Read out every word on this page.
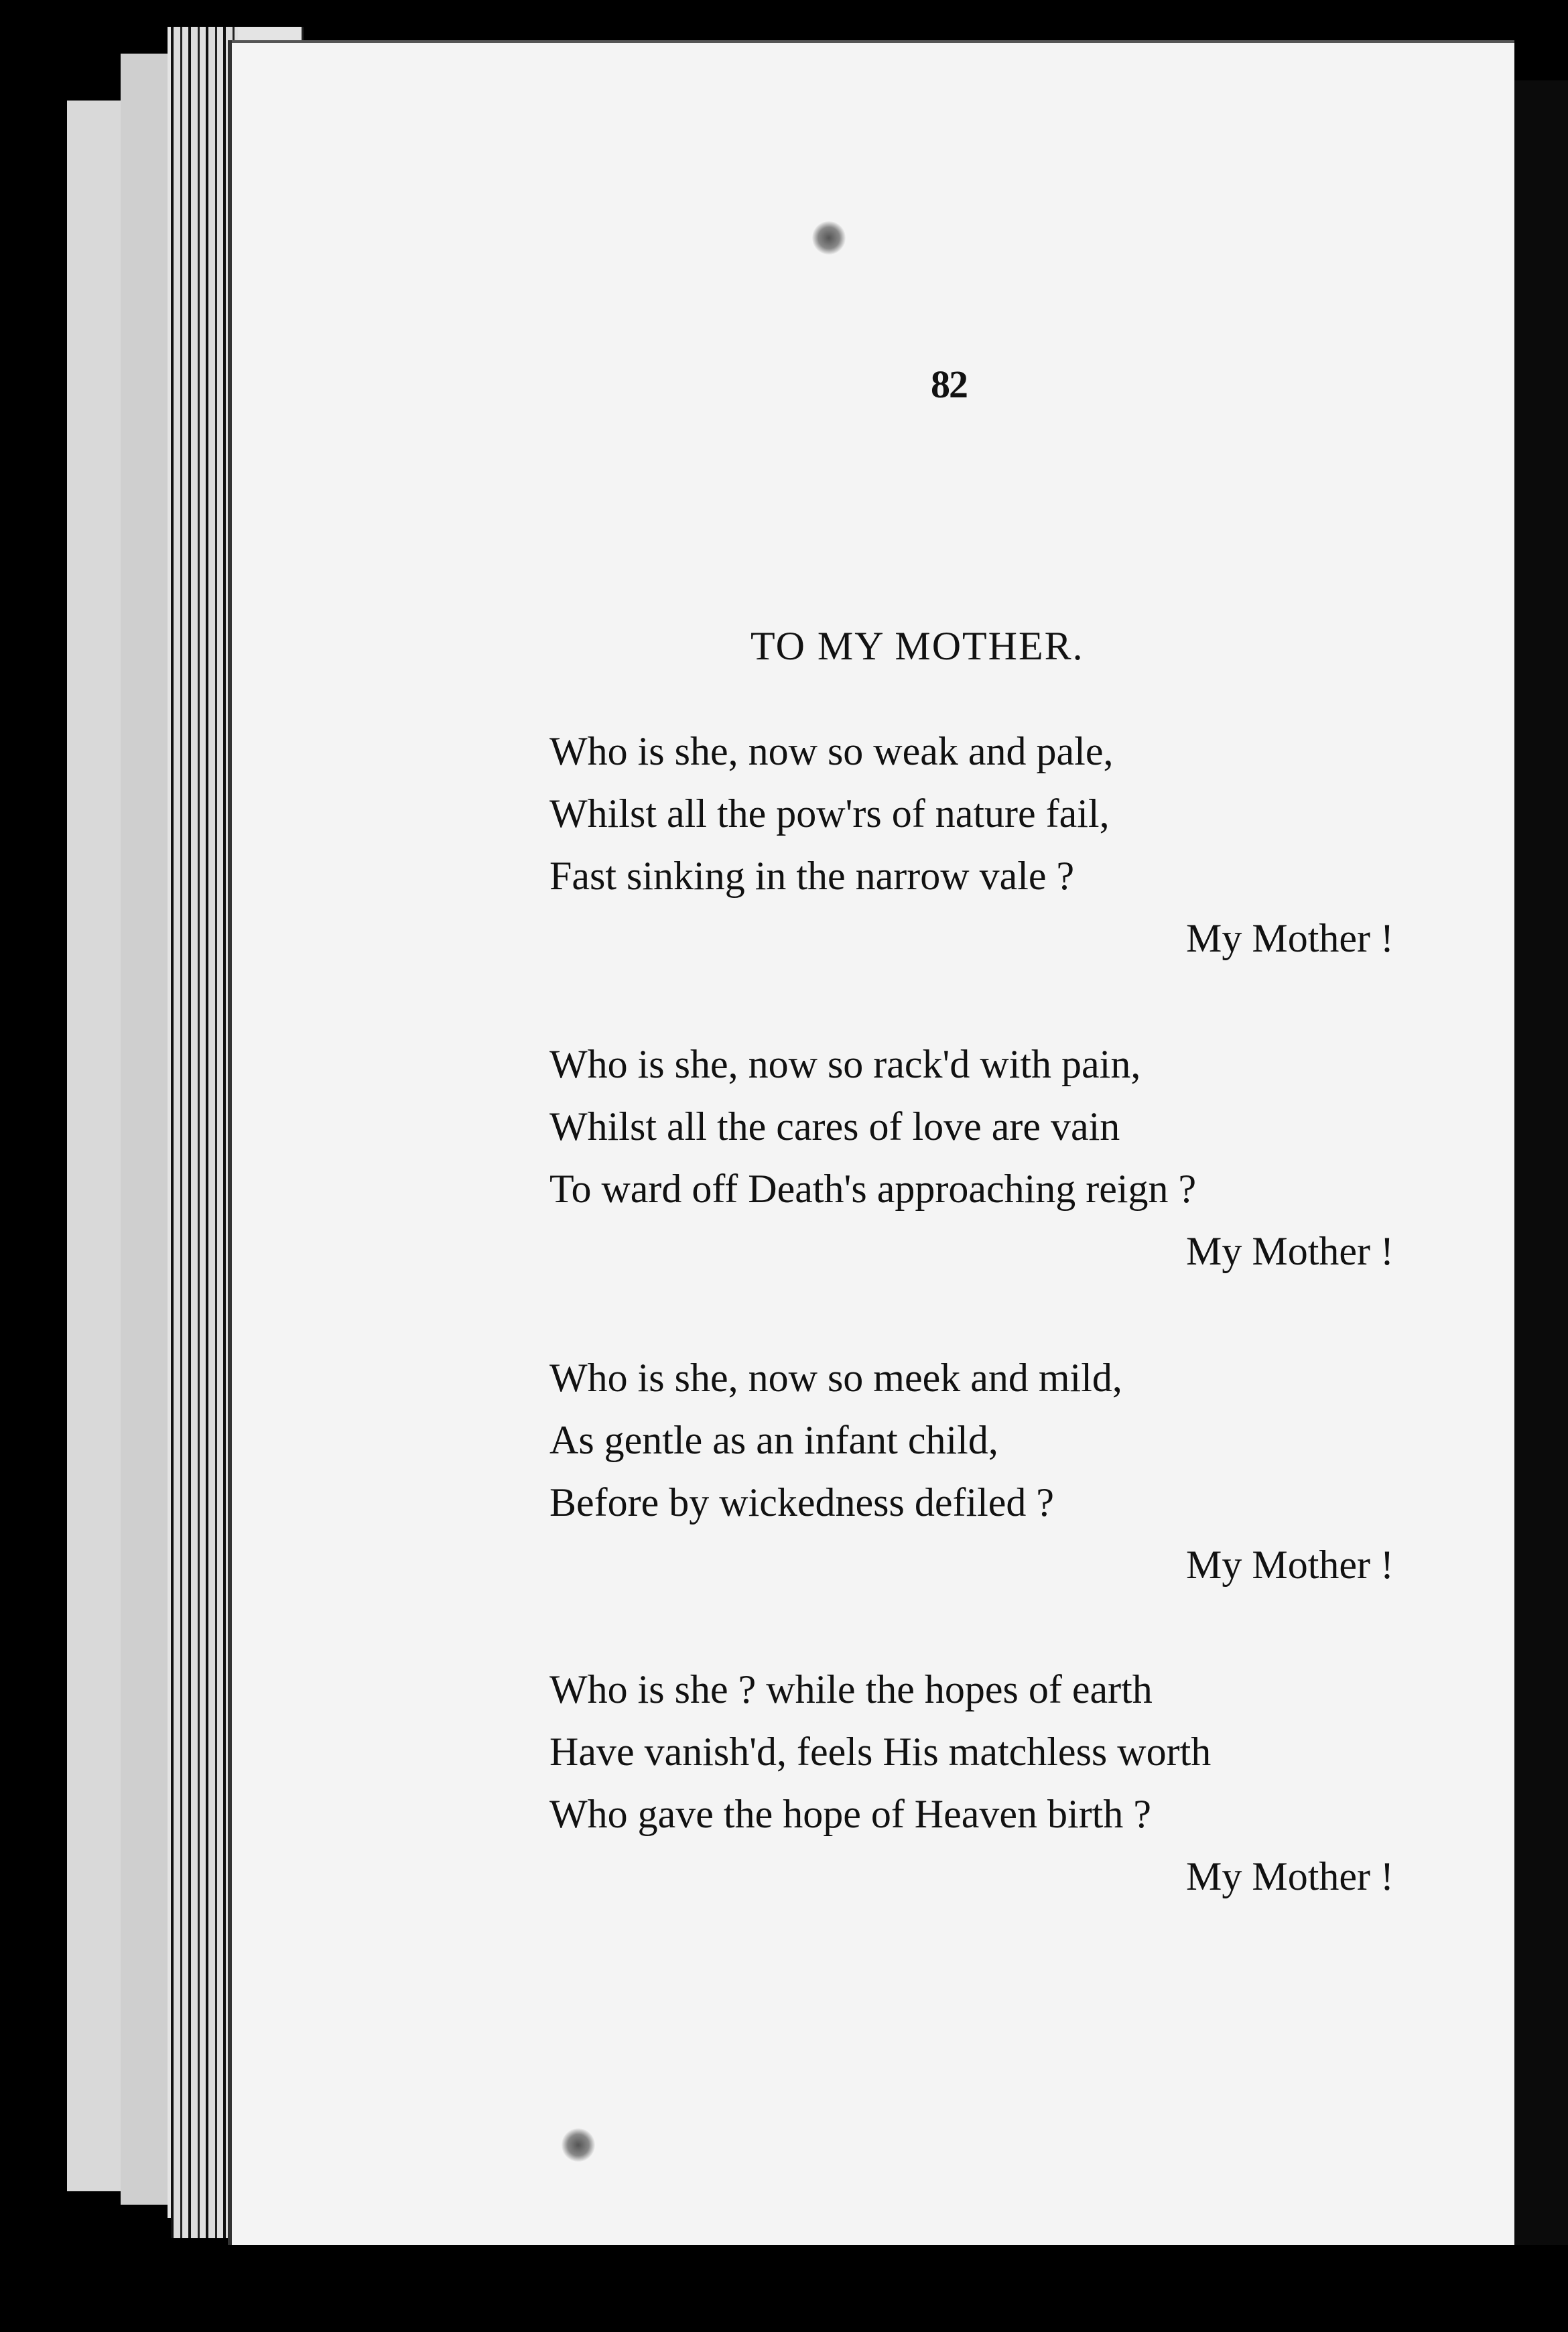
82
TO MY MOTHER.

Who is she, now so weak and pale,

Whilst all the pow'rs of nature fail,

Fast sinking in the narrow vale ?

My Mother !

Who is she, now so rack'd with pain,

Whilst all the cares of love are vain

To ward off Death's approaching reign ?

My Mother !

Who is she, now so meek and mild,

As gentle as an infant child,

Before by wickedness defiled ?

My Mother !

Who is she ? while the hopes of earth

Have vanish'd, feels His matchless worth

Who gave the hope of Heaven birth ?

My Mother !
